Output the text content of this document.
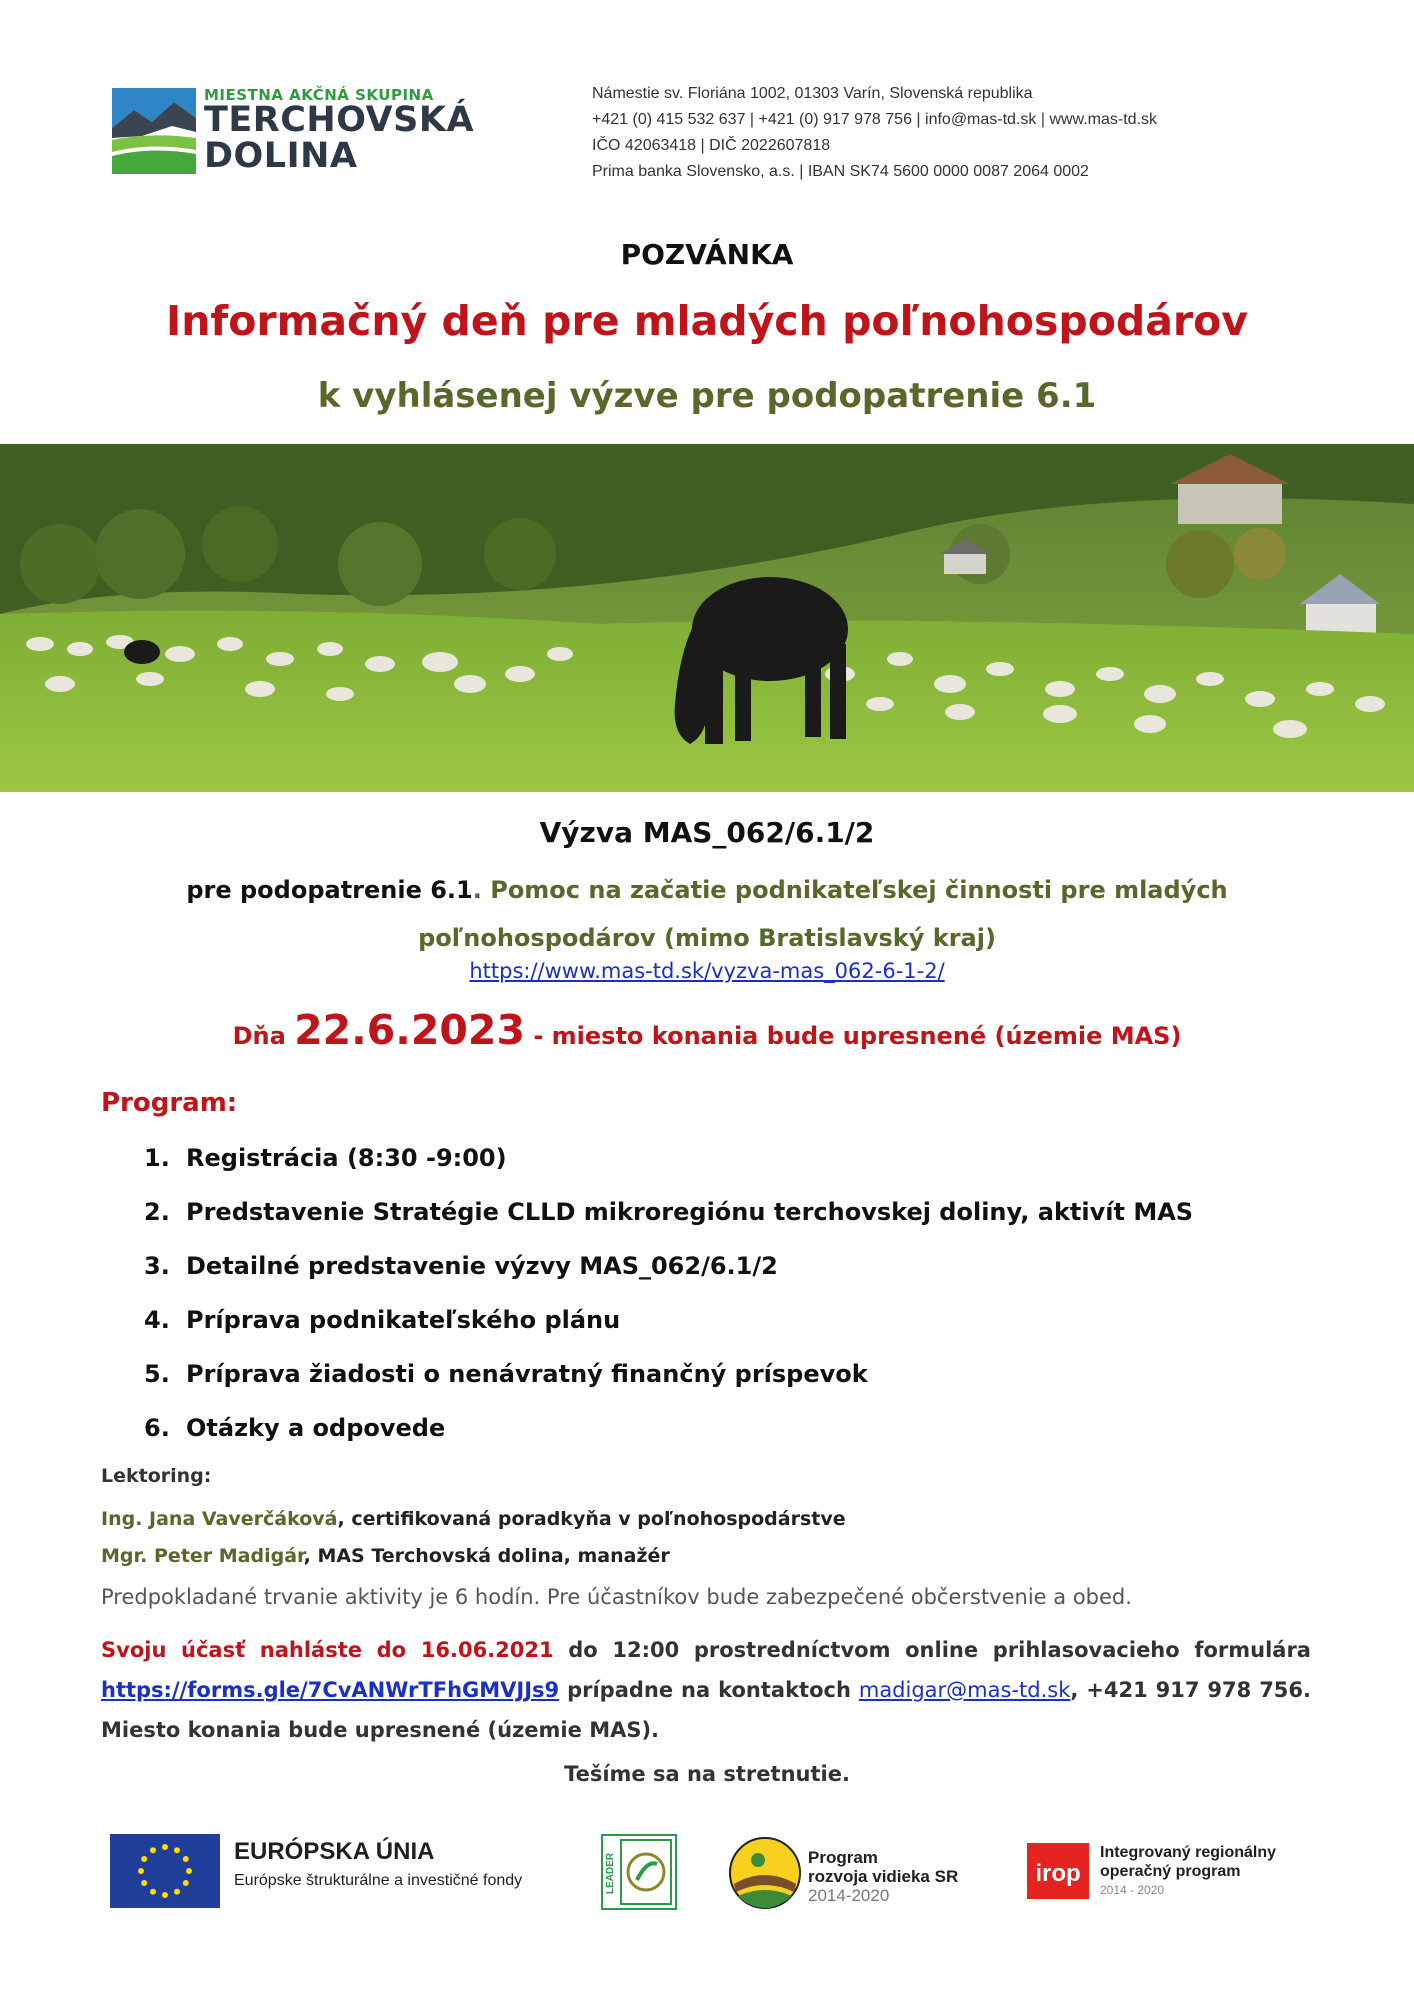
MIESTNA AKČNÁ SKUPINA
TERCHOVSKÁ
DOLINA
Námestie sv. Floriána 1002, 01303 Varín, Slovenská republika
+421 (0) 415 532 637 | +421 (0) 917 978 756 | info@mas-td.sk | www.mas-td.sk
IČO 42063418 | DIČ 2022607818
Prima banka Slovensko, a.s. | IBAN SK74 5600 0000 0087 2064 0002
POZVÁNKA
Informačný deň pre mladých poľnohospodárov
k vyhlásenej výzve pre podopatrenie 6.1
Výzva MAS_062/6.1/2
pre podopatrenie 6.1. Pomoc na začatie podnikateľskej činnosti pre mladých
poľnohospodárov (mimo Bratislavský kraj)
https://www.mas-td.sk/vyzva-mas_062-6-1-2/
Dňa 22.6.2023 - miesto konania bude upresnené (územie MAS)
Program:
1. Registrácia (8:30 -9:00)
2. Predstavenie Stratégie CLLD mikroregiónu terchovskej doliny, aktivít MAS
3. Detailné predstavenie výzvy MAS_062/6.1/2
4. Príprava podnikateľského plánu
5. Príprava žiadosti o nenávratný finančný príspevok
6. Otázky a odpovede
Lektoring:
Ing. Jana Vaverčáková, certifikovaná poradkyňa v poľnohospodárstve
Mgr. Peter Madigár, MAS Terchovská dolina, manažér
Predpokladané trvanie aktivity je 6 hodín. Pre účastníkov bude zabezpečené občerstvenie a obed.
Svoju účasť nahláste do 16.06.2021 do 12:00 prostredníctvom online prihlasovacieho formulára https://forms.gle/7CvANWrTFhGMVJJs9 prípadne na kontaktoch madigar@mas-td.sk, +421 917 978 756. Miesto konania bude upresnené (územie MAS).
Tešíme sa na stretnutie.
EURÓPSKA ÚNIA
Európske štrukturálne a investičné fondy	LEADER	Program
rozvoja vidieka SR
2014-2020
irop
Integrovaný regionálny
operačný program
2014 - 2020
